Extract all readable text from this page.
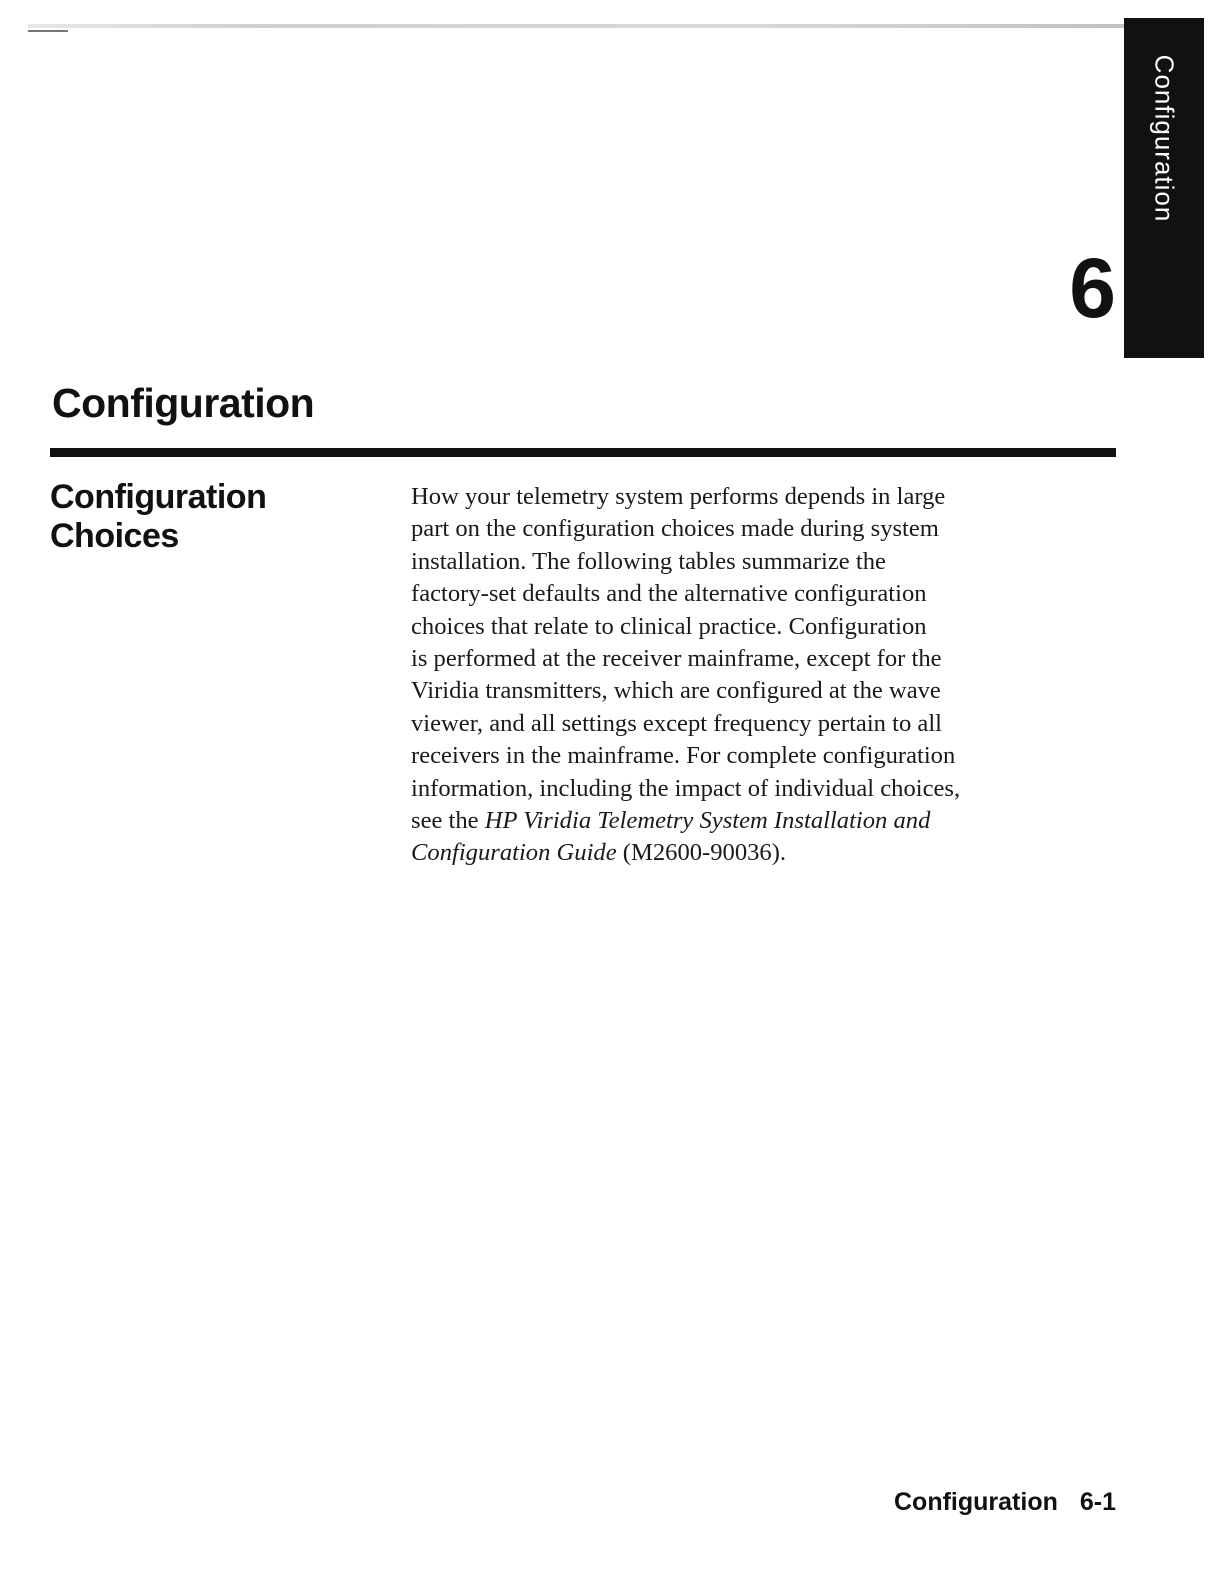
Configuration
6
Configuration
Configuration
Choices
How your telemetry system performs depends in large
part on the configuration choices made during system
installation. The following tables summarize the
factory-set defaults and the alternative configuration
choices that relate to clinical practice. Configuration
is performed at the receiver mainframe, except for the
Viridia transmitters, which are configured at the wave
viewer, and all settings except frequency pertain to all
receivers in the mainframe. For complete configuration
information, including the impact of individual choices,
see the HP Viridia Telemetry System Installation and
Configuration Guide (M2600-90036).
Configuration 6-1
